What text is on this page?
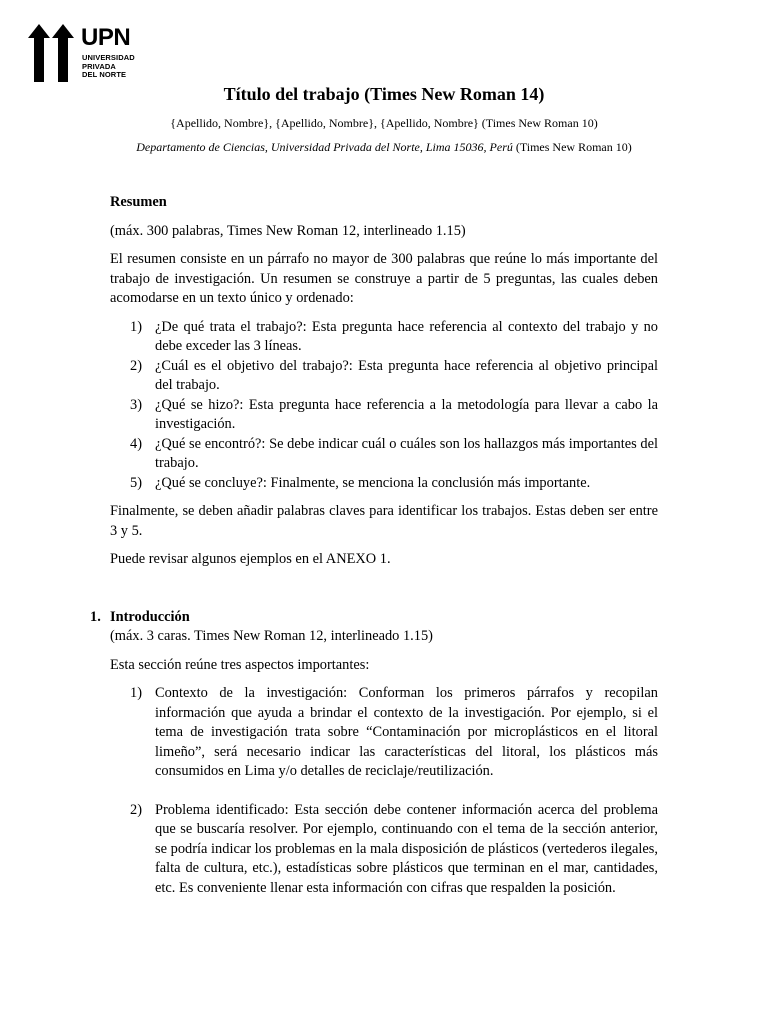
UPN
UNIVERSIDAD
PRIVADA
DEL NORTE
Título del trabajo (Times New Roman 14)
{Apellido, Nombre}, {Apellido, Nombre}, {Apellido, Nombre} (Times New Roman 10)
Departamento de Ciencias, Universidad Privada del Norte, Lima 15036, Perú (Times New Roman 10)

Resumen

(máx. 300 palabras, Times New Roman 12, interlineado 1.15)

El resumen consiste en un párrafo no mayor de 300 palabras que reúne lo más importante del trabajo de investigación. Un resumen se construye a partir de 5 preguntas, las cuales deben acomodarse en un texto único y ordenado:

1) ¿De qué trata el trabajo?: Esta pregunta hace referencia al contexto del trabajo y no debe exceder las 3 líneas.
2) ¿Cuál es el objetivo del trabajo?: Esta pregunta hace referencia al objetivo principal del trabajo.
3) ¿Qué se hizo?: Esta pregunta hace referencia a la metodología para llevar a cabo la investigación.
4) ¿Qué se encontró?: Se debe indicar cuál o cuáles son los hallazgos más importantes del trabajo.
5) ¿Qué se concluye?: Finalmente, se menciona la conclusión más importante.

Finalmente, se deben añadir palabras claves para identificar los trabajos. Estas deben ser entre 3 y 5.

Puede revisar algunos ejemplos en el ANEXO 1.

1. Introducción

(máx. 3 caras. Times New Roman 12, interlineado 1.15)

Esta sección reúne tres aspectos importantes:

1) Contexto de la investigación: Conforman los primeros párrafos y recopilan información que ayuda a brindar el contexto de la investigación. Por ejemplo, si el tema de investigación trata sobre “Contaminación por microplásticos en el litoral limeño”, será necesario indicar las características del litoral, los plásticos más consumidos en Lima y/o detalles de reciclaje/reutilización.
2) Problema identificado: Esta sección debe contener información acerca del problema que se buscaría resolver. Por ejemplo, continuando con el tema de la sección anterior, se podría indicar los problemas en la mala disposición de plásticos (vertederos ilegales, falta de cultura, etc.), estadísticas sobre plásticos que terminan en el mar, cantidades, etc. Es conveniente llenar esta información con cifras que respalden la posición.
